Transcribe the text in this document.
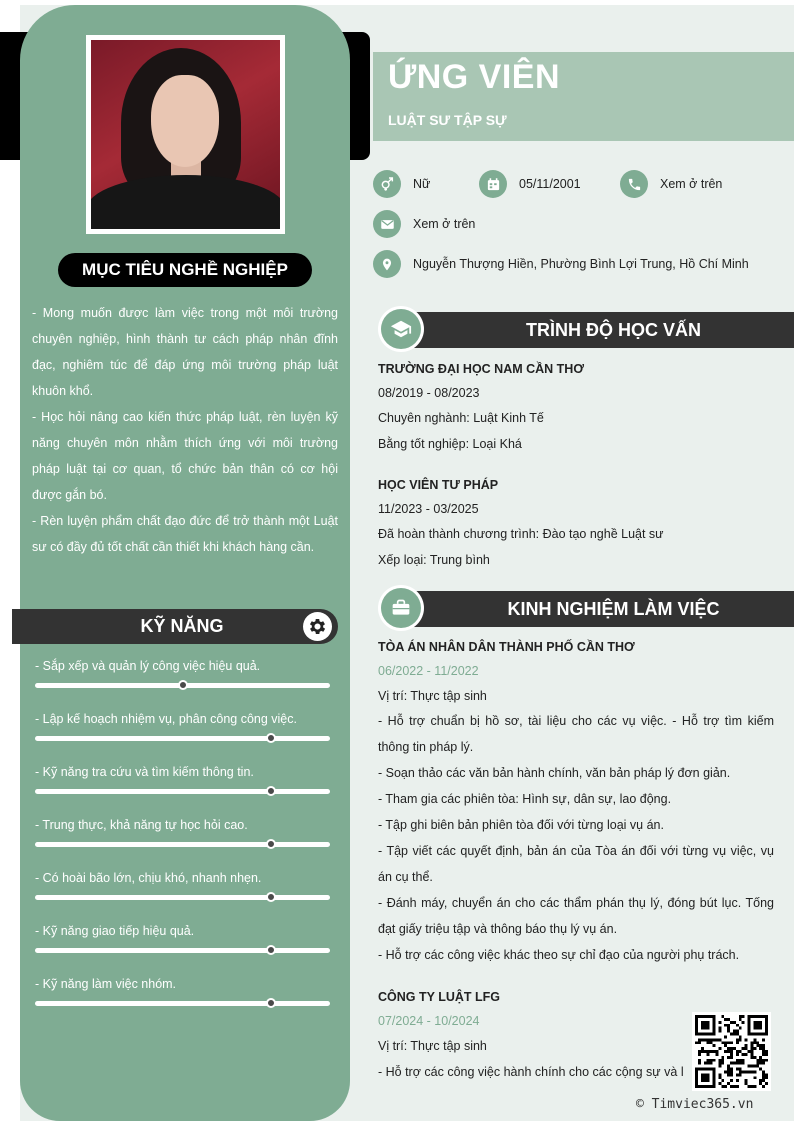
MỤC TIÊU NGHỀ NGHIỆP
- Mong muốn được làm việc trong một môi trường chuyên nghiệp, hình thành tư cách pháp nhân đĩnh đạc, nghiêm túc để đáp ứng môi trường pháp luật khuôn khổ.
- Học hỏi nâng cao kiến thức pháp luật, rèn luyện kỹ năng chuyên môn nhằm thích ứng với môi trường pháp luật tại cơ quan, tổ chức bản thân có cơ hội được gắn bó.
- Rèn luyện phẩm chất đạo đức để trở thành một Luật sư có đầy đủ tốt chất cần thiết khi khách hàng cần.
KỸ NĂNG
- Sắp xếp và quản lý công việc hiệu quả.
- Lập kế hoạch nhiệm vụ, phân công công việc.
- Kỹ năng tra cứu và tìm kiếm thông tin.
- Trung thực, khả năng tự học hỏi cao.
- Có hoài bão lớn, chịu khó, nhanh nhẹn.
- Kỹ năng giao tiếp hiệu quả.
- Kỹ năng làm việc nhóm.
ỨNG VIÊN
LUẬT SƯ TẬP SỰ
Nữ	05/11/2001	Xem ở trên
Xem ở trên
Nguyễn Thượng Hiền, Phường Bình Lợi Trung, Hồ Chí Minh
TRÌNH ĐỘ HỌC VẤN
TRƯỜNG ĐẠI HỌC NAM CẦN THƠ
08/2019 - 08/2023
Chuyên nghành: Luật Kinh Tế
Bằng tốt nghiệp: Loại Khá
HỌC VIÊN TƯ PHÁP
11/2023 - 03/2025
Đã hoàn thành chương trình: Đào tạo nghề Luật sư
Xếp loại: Trung bình
KINH NGHIỆM LÀM VIỆC
TÒA ÁN NHÂN DÂN THÀNH PHỐ CẦN THƠ
06/2022 - 11/2022
Vị trí: Thực tập sinh
- Hỗ trợ chuẩn bị hồ sơ, tài liệu cho các vụ việc. - Hỗ trợ tìm kiếm thông tin pháp lý.
- Soạn thảo các văn bản hành chính, văn bản pháp lý đơn giản.
- Tham gia các phiên tòa: Hình sự, dân sự, lao động.
- Tập ghi biên bản phiên tòa đối với từng loại vụ án.
- Tập viết các quyết định, bản án của Tòa án đối với từng vụ việc, vụ án cụ thể.
- Đánh máy, chuyển án cho các thẩm phán thụ lý, đóng bút lục. Tống đạt giấy triệu tập và thông báo thụ lý vụ án.
- Hỗ trợ các công việc khác theo sự chỉ đạo của người phụ trách.
CÔNG TY LUẬT LFG
07/2024 - 10/2024
Vị trí: Thực tập sinh
- Hỗ trợ các công việc hành chính cho các cộng sự và l
© Timviec365.vn
